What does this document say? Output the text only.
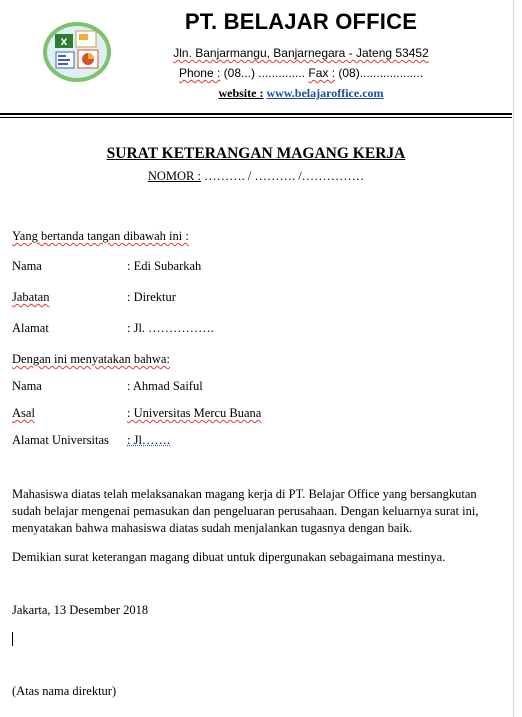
X
PT. BELAJAR OFFICE
Jln. Banjarmangu, Banjarnegara - Jateng 53452
Phone : (08...) .............. Fax : (08)...................
website : www.belajaroffice.com
SURAT KETERANGAN MAGANG KERJA
NOMOR : ………. / ………. /……………
Yang bertanda tangan dibawah ini :
Nama	: Edi Subarkah
Jabatan	: Direktur
Alamat	: Jl. …………….
Dengan ini menyatakan bahwa:
Nama	: Ahmad Saiful
Asal	: Universitas Mercu Buana
Alamat Universitas : Jl…….
Mahasiswa diatas telah melaksanakan magang kerja di PT. Belajar Office yang bersangkutan sudah belajar mengenai pemasukan dan pengeluaran perusahaan. Dengan keluarnya surat ini, menyatakan bahwa mahasiswa diatas sudah menjalankan tugasnya dengan baik.
Demikian surat keterangan magang dibuat untuk dipergunakan sebagaimana mestinya.
Jakarta, 13 Desember 2018
(Atas nama direktur)
